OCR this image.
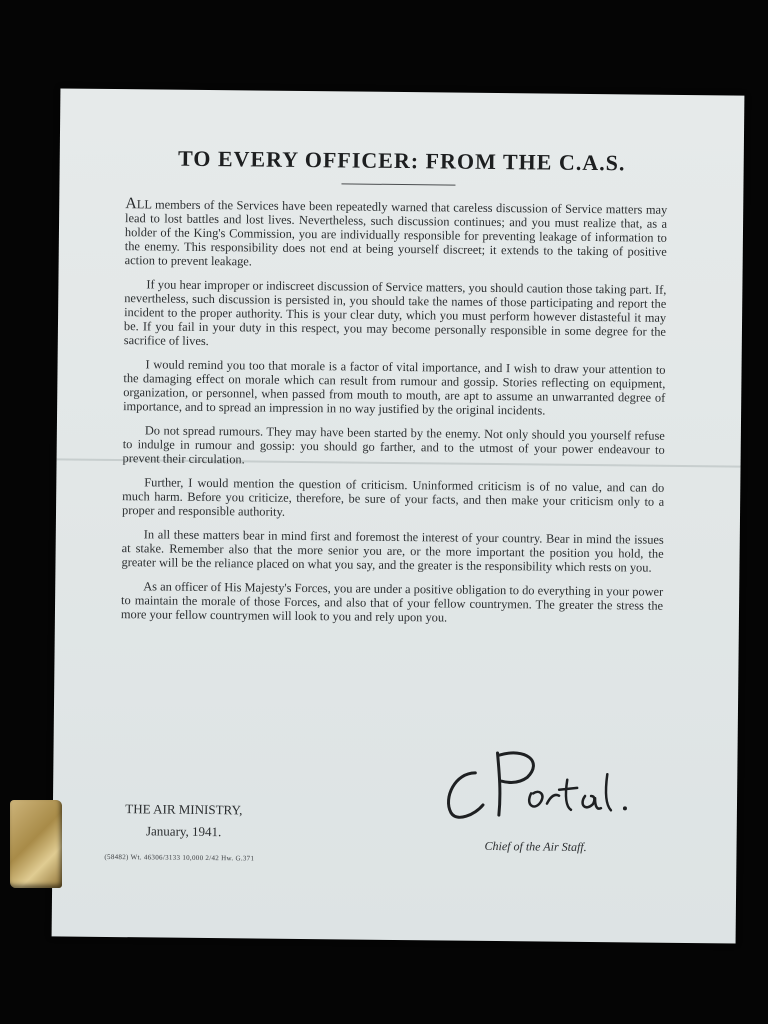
TO EVERY OFFICER: FROM THE C.A.S.

ALL members of the Services have been repeatedly warned that careless discussion of Service matters may lead to lost battles and lost lives. Nevertheless, such discussion continues; and you must realize that, as a holder of the King's Commission, you are individually responsible for preventing leakage of information to the enemy. This responsibility does not end at being yourself discreet; it extends to the taking of positive action to prevent leakage.

If you hear improper or indiscreet discussion of Service matters, you should caution those taking part. If, nevertheless, such discussion is persisted in, you should take the names of those participating and report the incident to the proper authority. This is your clear duty, which you must perform however distasteful it may be. If you fail in your duty in this respect, you may become personally responsible in some degree for the sacrifice of lives.

I would remind you too that morale is a factor of vital importance, and I wish to draw your attention to the damaging effect on morale which can result from rumour and gossip. Stories reflecting on equipment, organization, or personnel, when passed from mouth to mouth, are apt to assume an unwarranted degree of importance, and to spread an impression in no way justified by the original incidents.

Do not spread rumours. They may have been started by the enemy. Not only should you yourself refuse to indulge in rumour and gossip: you should go farther, and to the utmost of your power endeavour to prevent their circulation.

Further, I would mention the question of criticism. Uninformed criticism is of no value, and can do much harm. Before you criticize, therefore, be sure of your facts, and then make your criticism only to a proper and responsible authority.

In all these matters bear in mind first and foremost the interest of your country. Bear in mind the issues at stake. Remember also that the more senior you are, or the more important the position you hold, the greater will be the reliance placed on what you say, and the greater is the responsibility which rests on you.

As an officer of His Majesty's Forces, you are under a positive obligation to do everything in your power to maintain the morale of those Forces, and also that of your fellow countrymen. The greater the stress the more your fellow countrymen will look to you and rely upon you.

THE AIR MINISTRY,
January, 1941.
(58482) Wt. 46306/3133 10,000 2/42 Hw. G.371
Chief of the Air Staff.
